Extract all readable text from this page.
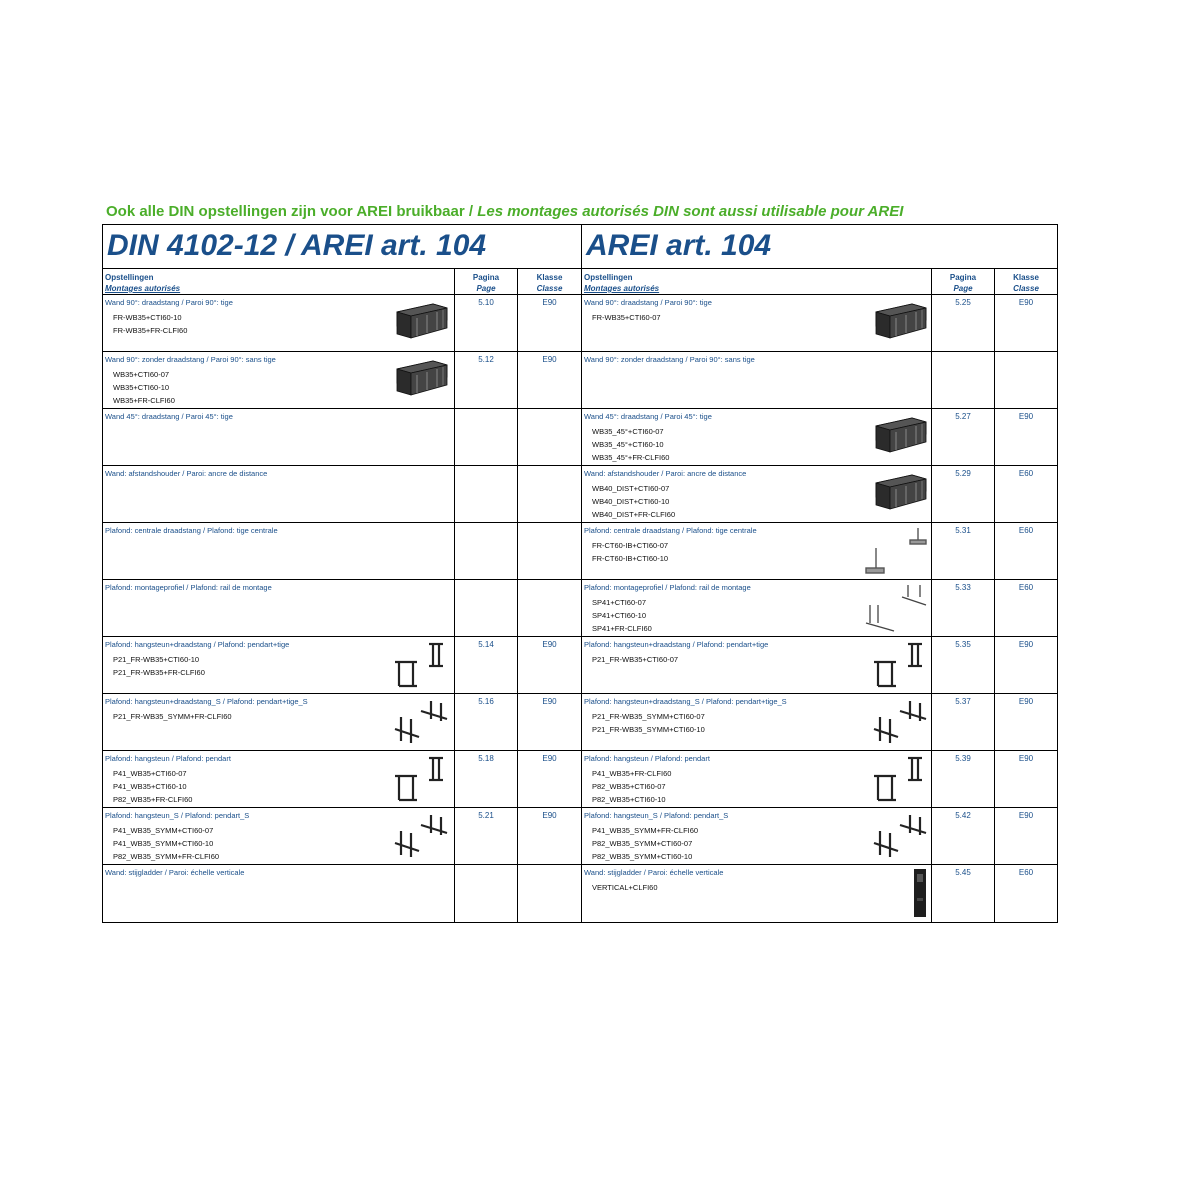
Ook alle DIN opstellingen zijn voor AREI bruikbaar / Les montages autorisés DIN sont aussi utilisable pour AREI
DIN 4102-12 / AREI art. 104
Opstellingen
Montages autorisés
Pagina
Page
Klasse
Classe
Wand 90°: draadstang / Paroi 90°: tige
FR-WB35+CTI60-10
FR-WB35+FR-CLFI60
5.10	E90
Wand 90°: zonder draadstang / Paroi 90°: sans tige
WB35+CTI60-07
WB35+CTI60-10
WB35+FR-CLFI60
5.12	E90
Wand 45°: draadstang / Paroi 45°: tige
Wand: afstandshouder / Paroi: ancre de distance
Plafond: centrale draadstang / Plafond: tige centrale
Plafond: montageprofiel / Plafond: rail de montage
Plafond: hangsteun+draadstang / Plafond: pendart+tige
P21_FR-WB35+CTI60-10
P21_FR-WB35+FR-CLFI60
5.14	E90
Plafond: hangsteun+draadstang_S / Plafond: pendart+tige_S
P21_FR-WB35_SYMM+FR-CLFI60
5.16	E90
Plafond: hangsteun / Plafond: pendart
P41_WB35+CTI60-07
P41_WB35+CTI60-10
P82_WB35+FR-CLFI60
5.18	E90
Plafond: hangsteun_S / Plafond: pendart_S
P41_WB35_SYMM+CTI60-07
P41_WB35_SYMM+CTI60-10
P82_WB35_SYMM+FR-CLFI60
5.21	E90
Wand: stijgladder / Paroi: échelle verticale
AREI art. 104
Opstellingen
Montages autorisés
Pagina
Page
Klasse
Classe
Wand 90°: draadstang / Paroi 90°: tige
FR-WB35+CTI60-07
5.25	E90
Wand 90°: zonder draadstang / Paroi 90°: sans tige
Wand 45°: draadstang / Paroi 45°: tige
WB35_45°+CTI60-07
WB35_45°+CTI60-10
WB35_45°+FR-CLFI60
5.27	E90
Wand: afstandshouder / Paroi: ancre de distance
WB40_DIST+CTI60-07
WB40_DIST+CTI60-10
WB40_DIST+FR-CLFI60
5.29	E60
Plafond: centrale draadstang / Plafond: tige centrale
FR-CT60-IB+CTI60-07
FR-CT60-IB+CTI60-10
5.31	E60
Plafond: montageprofiel / Plafond: rail de montage
SP41+CTI60-07
SP41+CTI60-10
SP41+FR-CLFI60
5.33	E60
Plafond: hangsteun+draadstang / Plafond: pendart+tige
P21_FR-WB35+CTI60-07
5.35	E90
Plafond: hangsteun+draadstang_S / Plafond: pendart+tige_S
P21_FR-WB35_SYMM+CTI60-07
P21_FR-WB35_SYMM+CTI60-10
5.37	E90
Plafond: hangsteun / Plafond: pendart
P41_WB35+FR-CLFI60
P82_WB35+CTI60-07
P82_WB35+CTI60-10
5.39	E90
Plafond: hangsteun_S / Plafond: pendart_S
P41_WB35_SYMM+FR-CLFI60
P82_WB35_SYMM+CTI60-07
P82_WB35_SYMM+CTI60-10
5.42	E90
Wand: stijgladder / Paroi: échelle verticale
VERTICAL+CLFI60
5.45	E60
